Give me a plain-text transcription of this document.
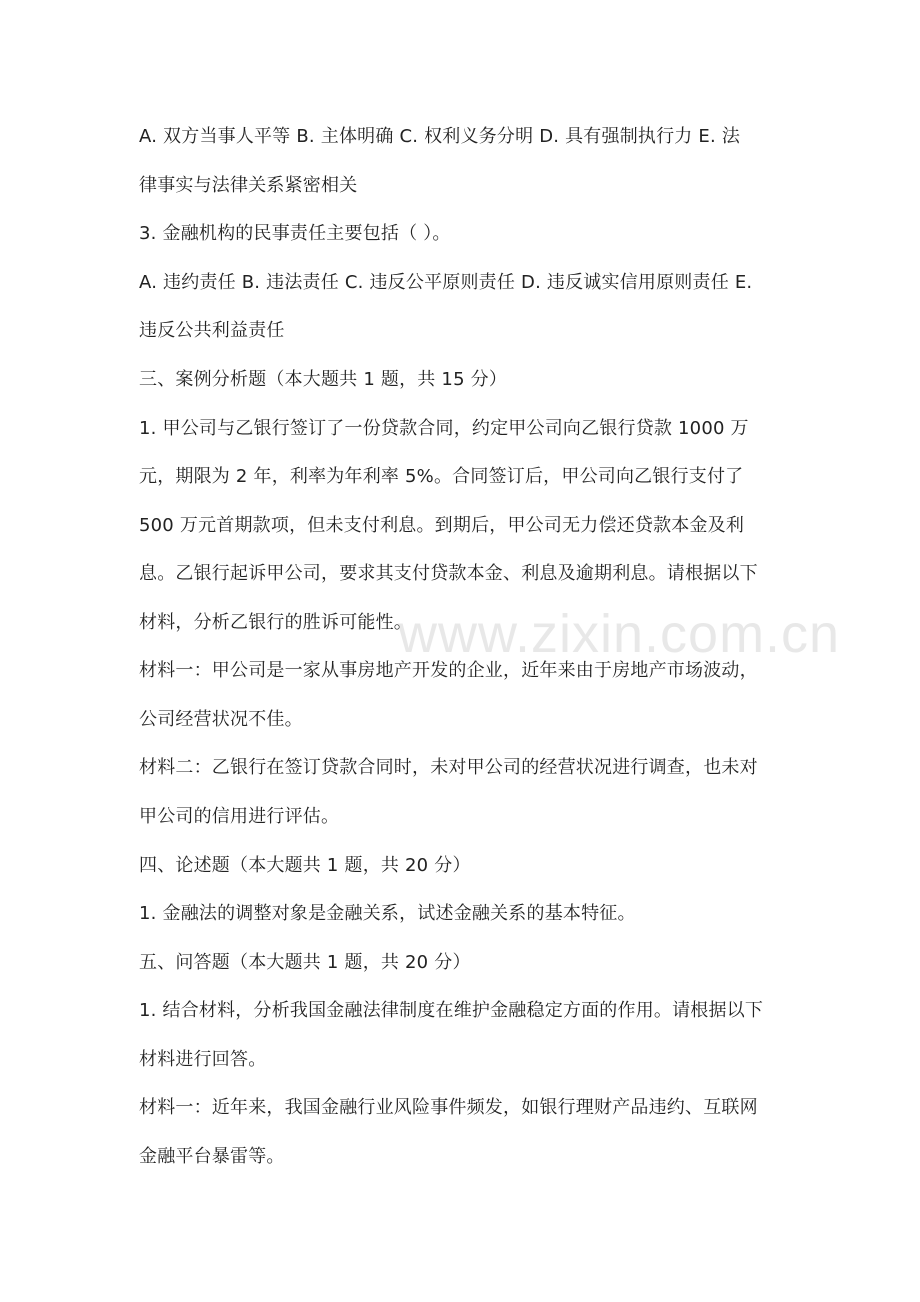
A. 双方当事人平等 B. 主体明确 C. 权利义务分明 D. 具有强制执行力 E. 法
律事实与法律关系紧密相关
3. 金融机构的民事责任主要包括（ ）。
A. 违约责任 B. 违法责任 C. 违反公平原则责任 D. 违反诚实信用原则责任 E.
违反公共利益责任
三、案例分析题（本大题共 1 题，共 15 分）
1. 甲公司与乙银行签订了一份贷款合同，约定甲公司向乙银行贷款 1000 万
元，期限为 2 年，利率为年利率 5%。合同签订后，甲公司向乙银行支付了
500 万元首期款项，但未支付利息。到期后，甲公司无力偿还贷款本金及利
息。乙银行起诉甲公司，要求其支付贷款本金、利息及逾期利息。请根据以下
材料，分析乙银行的胜诉可能性。
材料一：甲公司是一家从事房地产开发的企业，近年来由于房地产市场波动，
公司经营状况不佳。
材料二：乙银行在签订贷款合同时，未对甲公司的经营状况进行调查，也未对
甲公司的信用进行评估。
四、论述题（本大题共 1 题，共 20 分）
1. 金融法的调整对象是金融关系，试述金融关系的基本特征。
五、问答题（本大题共 1 题，共 20 分）
1. 结合材料，分析我国金融法律制度在维护金融稳定方面的作用。请根据以下
材料进行回答。
材料一：近年来，我国金融行业风险事件频发，如银行理财产品违约、互联网
金融平台暴雷等。
www.zixin.com.cn
